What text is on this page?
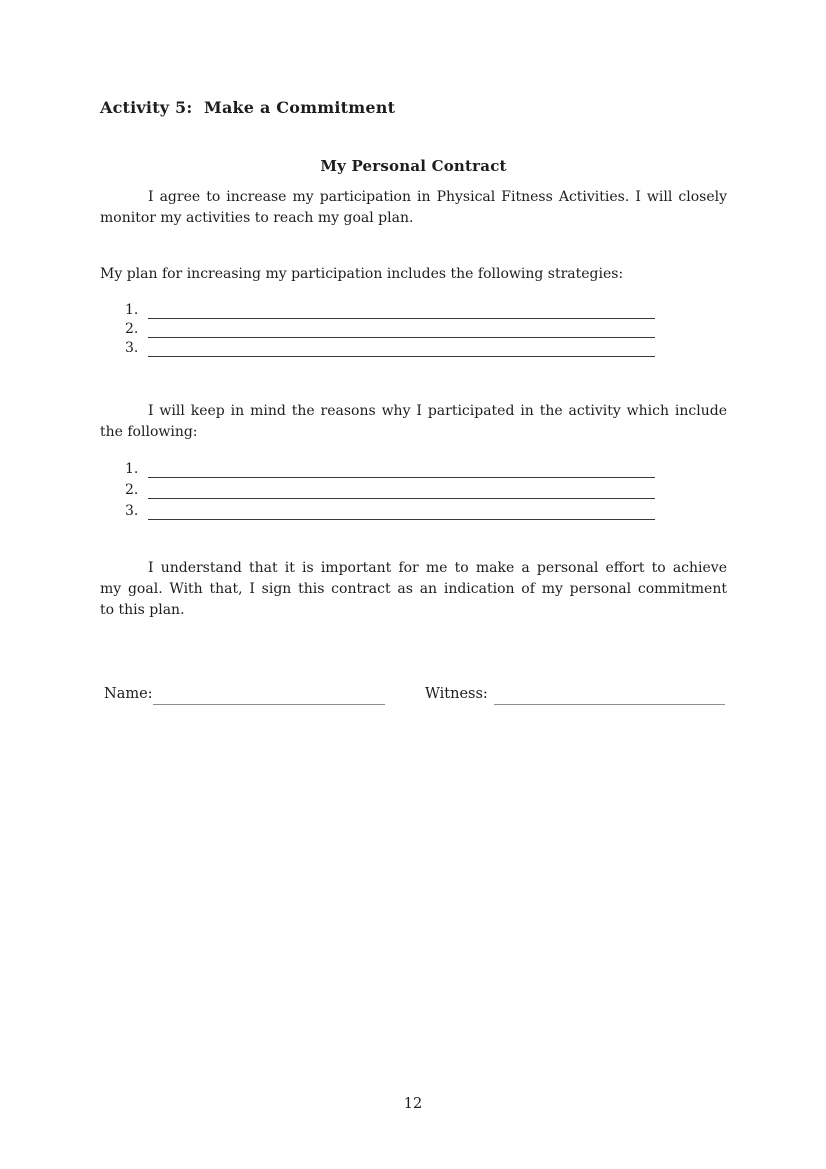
Activity 5:  Make a Commitment
My Personal Contract
I agree to increase my participation in Physical Fitness Activities. I will closely
monitor my activities to reach my goal plan.
My plan for increasing my participation includes the following strategies:
1.
2.
3.
I will keep in mind the reasons why I participated in the activity which include
the following:
1.
2.
3.
I understand that it is important for me to make a personal effort to achieve
my goal. With that, I sign this contract as an indication of my personal commitment
to this plan.
Name:	Witness:
12
